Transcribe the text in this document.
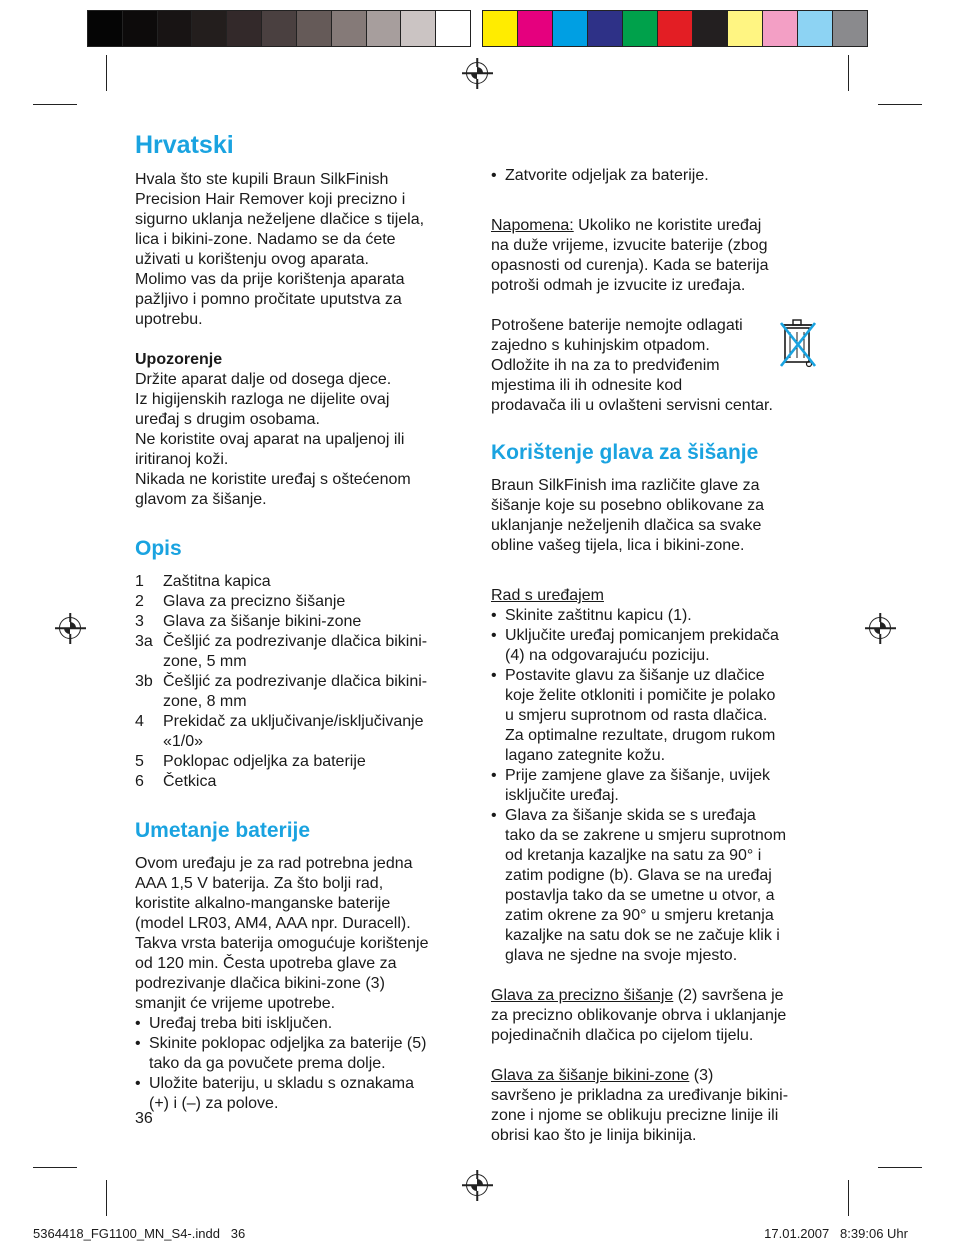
Hrvatski

Hvala što ste kupili Braun SilkFinish

Precision Hair Remover koji precizno i

sigurno uklanja neželjene dlačice s tijela,

lica i bikini-zone. Nadamo se da ćete

uživati u korištenju ovog aparata.

Molimo vas da prije korištenja aparata

pažljivo i pomno pročitate uputstva za

upotrebu.

Upozorenje

Držite aparat dalje od dosega djece.

Iz higijenskih razloga ne dijelite ovaj

uređaj s drugim osobama.

Ne koristite ovaj aparat na upaljenoj ili

iritiranoj koži.

Nikada ne koristite uređaj s oštećenom

glavom za šišanje.

Opis
1	Zaštitna kapica
2	Glava za precizno šišanje
3	Glava za šišanje bikini-zone
3a Češljić za podrezivanje dlačica bikini-
zone, 5 mm
3b Češljić za podrezivanje dlačica bikini-
zone, 8 mm
4	Prekidač za uključivanje/isključivanje
«1/0»
5	Poklopac odjeljka za baterije
6	Četkica
Umetanje baterije

Ovom uređaju je za rad potrebna jedna

AAA 1,5 V baterija. Za što bolji rad,

koristite alkalno-manganske baterije

(model LR03, AM4, AAA npr. Duracell).

Takva vrsta baterija omogućuje korištenje

od 120 min. Česta upotreba glave za

podrezivanje dlačica bikini-zone (3)

smanjit će vrijeme upotrebe.

• Uređaj treba biti isključen.
• Skinite poklopac odjeljka za baterije (5)
tako da ga povučete prema dolje.
• Uložite bateriju, u skladu s oznakama
(+) i (–) za polove.
• Zatvorite odjeljak za baterije.

Napomena: Ukoliko ne koristite uređaj

na duže vrijeme, izvucite baterije (zbog

opasnosti od curenja). Kada se baterija

potroši odmah je izvucite iz uređaja.

Potrošene baterije nemojte odlagati

zajedno s kuhinjskim otpadom.

Odložite ih na za to predviđenim

mjestima ili ih odnesite kod

prodavača ili u ovlašteni servisni centar.

Korištenje glava za šišanje

Braun SilkFinish ima različite glave za

šišanje koje su posebno oblikovane za

uklanjanje neželjenih dlačica sa svake

obline vašeg tijela, lica i bikini-zone.

Rad s uređajem

• Skinite zaštitnu kapicu (1).
• Uključite uređaj pomicanjem prekidača
(4) na odgovarajuću poziciju.
• Postavite glavu za šišanje uz dlačice
koje želite otkloniti i pomičite je polako
u smjeru suprotnom od rasta dlačica.
Za optimalne rezultate, drugom rukom
lagano zategnite kožu.
• Prije zamjene glave za šišanje, uvijek
isključite uređaj.
• Glava za šišanje skida se s uređaja
tako da se zakrene u smjeru suprotnom
od kretanja kazaljke na satu za 90° i
zatim podigne (b). Glava se na uređaj
postavlja tako da se umetne u otvor, a
zatim okrene za 90° u smjeru kretanja
kazaljke na satu dok se ne začuje klik i
glava ne sjedne na svoje mjesto.

Glava za precizno šišanje (2) savršena je

za precizno oblikovanje obrva i uklanjanje

pojedinačnih dlačica po cijelom tijelu.

Glava za šišanje bikini-zone (3)

savršeno je prikladna za uređivanje bikini-

zone i njome se oblikuju precizne linije ili

obrisi kao što je linija bikinija.

36
5364418_FG1100_MN_S4-.indd   36	17.01.2007   8:39:06 Uhr
